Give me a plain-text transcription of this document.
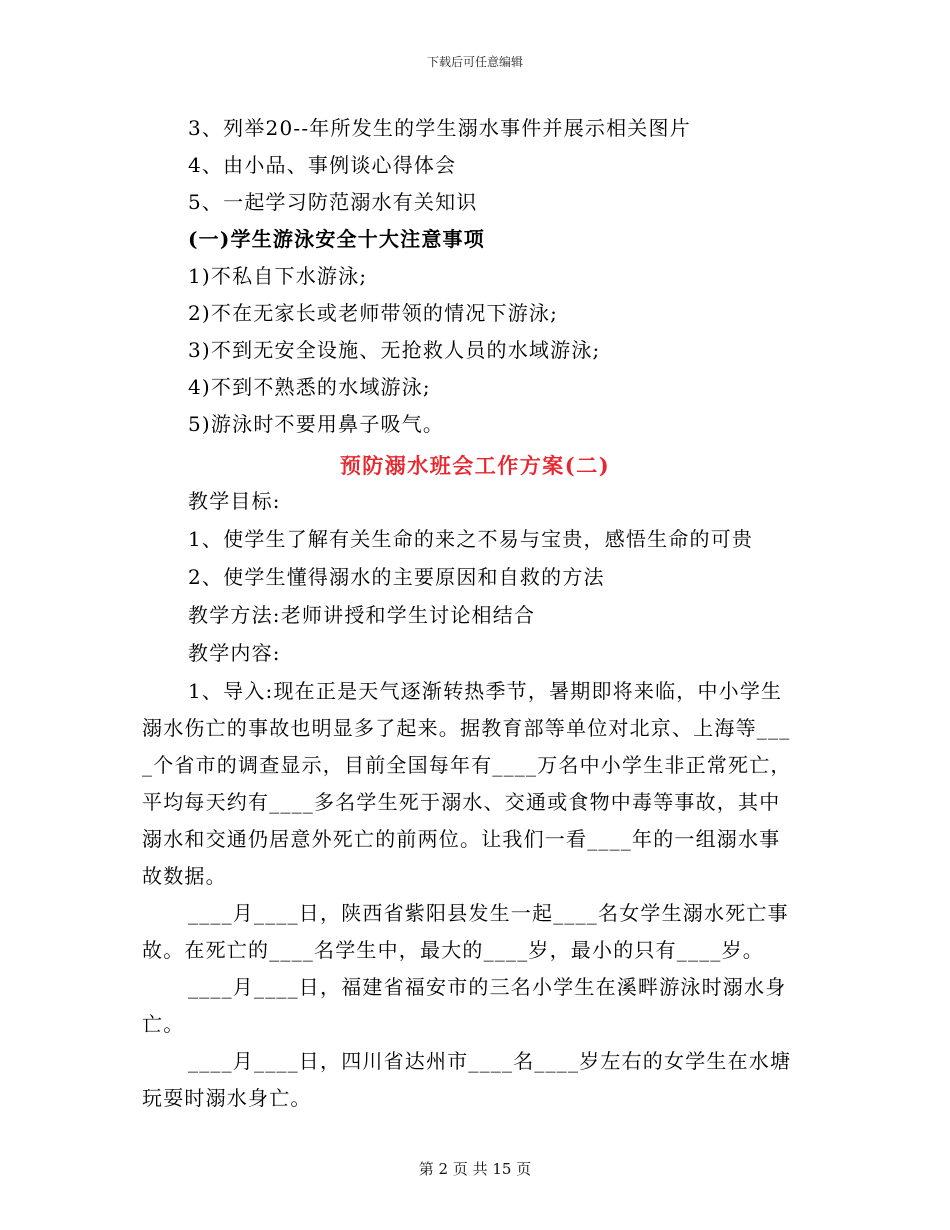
下载后可任意编辑
3、列举20--年所发生的学生溺水事件并展示相关图片
4、由小品、事例谈心得体会
5、一起学习防范溺水有关知识
(一)学生游泳安全十大注意事项
1)不私自下水游泳;
2)不在无家长或老师带领的情况下游泳;
3)不到无安全设施、无抢救人员的水域游泳;
4)不到不熟悉的水域游泳;
5)游泳时不要用鼻子吸气。
预防溺水班会工作方案(二)
教学目标:
1、使学生了解有关生命的来之不易与宝贵，感悟生命的可贵
2、使学生懂得溺水的主要原因和自救的方法
教学方法:老师讲授和学生讨论相结合
教学内容:
1、导入:现在正是天气逐渐转热季节，暑期即将来临，中小学生
溺水伤亡的事故也明显多了起来。据教育部等单位对北京、上海等___
_个省市的调查显示，目前全国每年有____万名中小学生非正常死亡，
平均每天约有____多名学生死于溺水、交通或食物中毒等事故，其中
溺水和交通仍居意外死亡的前两位。让我们一看____年的一组溺水事
故数据。
____月____日，陕西省紫阳县发生一起____名女学生溺水死亡事
故。在死亡的____名学生中，最大的____岁，最小的只有____岁。
____月____日，福建省福安市的三名小学生在溪畔游泳时溺水身
亡。
____月____日，四川省达州市____名____岁左右的女学生在水塘
玩耍时溺水身亡。
第 2 页 共 15 页
